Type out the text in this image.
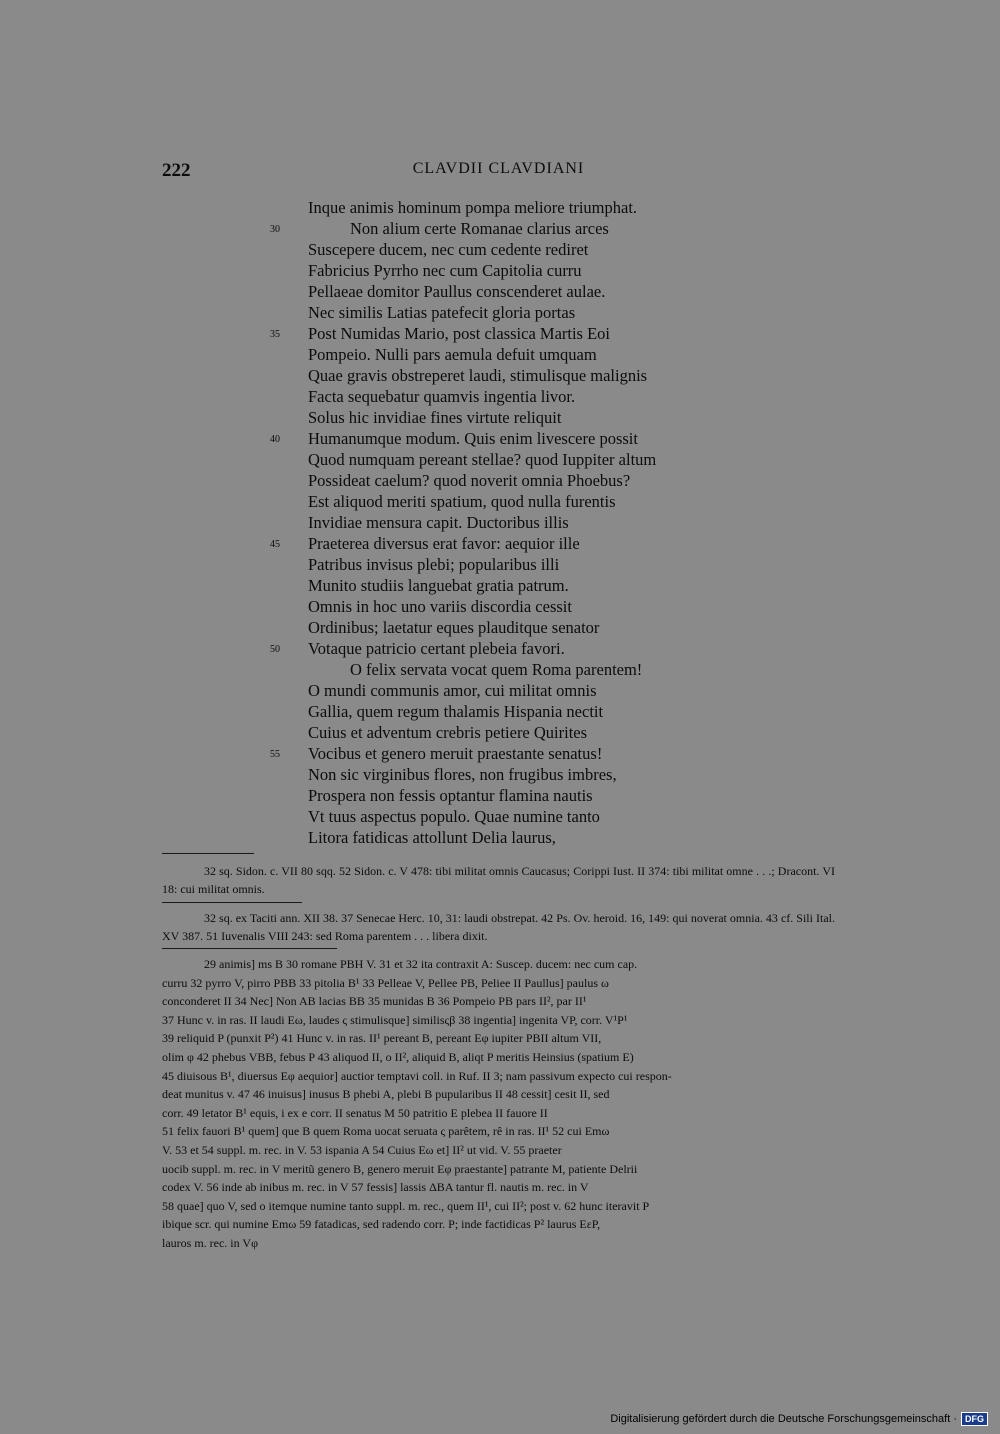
222	CLAVDII CLAVDIANI
Inque animis hominum pompa meliore triumphat.
30	Non alium certe Romanae clarius arces
Suscepere ducem, nec cum cedente rediret
Fabricius Pyrrho nec cum Capitolia curru
Pellaeae domitor Paullus conscenderet aulae.
Nec similis Latias patefecit gloria portas
35 Post Numidas Mario, post classica Martis Eoi
Pompeio. Nulli pars aemula defuit umquam
Quae gravis obstreperet laudi, stimulisque malignis
Facta sequebatur quamvis ingentia livor.
Solus hic invidiae fines virtute reliquit
40 Humanumque modum. Quis enim livescere possit
Quod numquam pereant stellae? quod Iuppiter altum
Possideat caelum? quod noverit omnia Phoebus?
Est aliquod meriti spatium, quod nulla furentis
Invidiae mensura capit. Ductoribus illis
45 Praeterea diversus erat favor: aequior ille
Patribus invisus plebi; popularibus illi
Munito studiis languebat gratia patrum.
Omnis in hoc uno variis discordia cessit
Ordinibus; laetatur eques plauditque senator
50 Votaque patricio certant plebeia favori.
O felix servata vocat quem Roma parentem!
O mundi communis amor, cui militat omnis
Gallia, quem regum thalamis Hispania nectit
Cuius et adventum crebris petiere Quirites
55 Vocibus et genero meruit praestante senatus!
Non sic virginibus flores, non frugibus imbres,
Prospera non fessis optantur flamina nautis
Vt tuus aspectus populo. Quae numine tanto
Litora fatidicas attollunt Delia laurus,

32 sq. Sidon. c. VII 80 sqq. 52 Sidon. c. V 478: tibi militat omnis Caucasus; Corippi Iust. II 374: tibi militat omne . . .; Dracont. VI 18: cui militat omnis.

32 sq. ex Taciti ann. XII 38. 37 Senecae Herc. 10, 31: laudi obstrepat. 42 Ps. Ov. heroid. 16, 149: qui noverat omnia. 43 cf. Sili Ital. XV 387. 51 Iuvenalis VIII 243: sed Roma parentem . . . libera dixit.

29 animis] ms B 30 romane PBH V. 31 et 32 ita contraxit A: Suscep. ducem: nec cum cap.
curru 32 pyrro V, pirro PBB 33 pitolia B¹ 33 Pelleae V, Pellee PB, Peliee II Paullus] paulus ω
conconderet II 34 Nec] Non AB lacias BB 35 munidas B 36 Pompeio PB pars II², par II¹
37 Hunc v. in ras. II laudi Eω, laudes ς stimulisque] similisςβ 38 ingentia] ingenita VP, corr. V¹P¹
39 reliquid P (punxit P²) 41 Hunc v. in ras. II¹ pereant B, pereant Eφ iupiter PBII altum VII,
olim φ 42 phebus VBB, febus P 43 aliquod II, o II², aliquid B, aliqt P meritis Heinsius (spatium E)
45 diuisous B¹, diuersus Eφ aequior] auctior temptavi coll. in Ruf. II 3; nam passivum expecto cui respon-
deat munitus v. 47 46 inuisus] inusus B phebi A, plebi B pupularibus II 48 cessit] cesit II, sed
corr. 49 letator B¹ equis, i ex e corr. II senatus M 50 patritio E plebea II fauore II
51 felix fauori B¹ quem] que B quem Roma uocat seruata ς parêtem, rê in ras. II¹ 52 cui Emω
V. 53 et 54 suppl. m. rec. in V. 53 ispania A 54 Cuius Eω et] II² ut vid. V. 55 praeter
uocib suppl. m. rec. in V meritũ genero B, genero meruit Eφ praestante] patrante M, patiente Delrii
codex V. 56 inde ab inibus m. rec. in V 57 fessis] lassis ΔBA tantur fl. nautis m. rec. in V
58 quae] quo V, sed o itemque numine tanto suppl. m. rec., quem II¹, cui II²; post v. 62 hunc iteravit P
ibique scr. qui numine Emω 59 fatadicas, sed radendo corr. P; inde factidicas P² laurus EεP,
lauros m. rec. in Vφ
Digitalisierung gefördert durch die Deutsche Forschungsgemeinschaft · DFG
